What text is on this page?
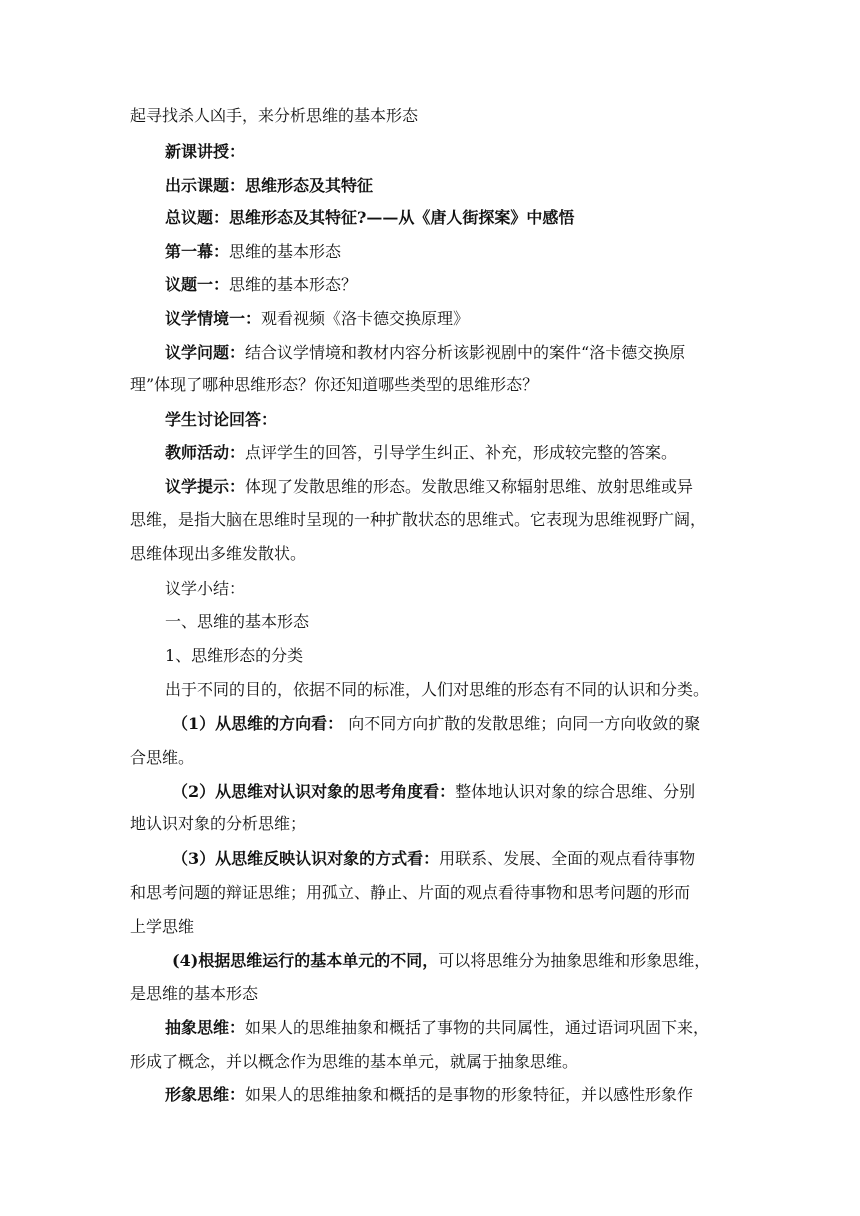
起寻找杀人凶手，来分析思维的基本形态
新课讲授：
出示课题：思维形态及其特征
总议题：思维形态及其特征?——从《唐人街探案》中感悟
第一幕：思维的基本形态
议题一：思维的基本形态？
议学情境一：观看视频《洛卡德交换原理》
议学问题：结合议学情境和教材内容分析该影视剧中的案件“洛卡德交换原
理”体现了哪种思维形态？你还知道哪些类型的思维形态？
学生讨论回答：
教师活动：点评学生的回答，引导学生纠正、补充，形成较完整的答案。
议学提示：体现了发散思维的形态。发散思维又称辐射思维、放射思维或异
思维，是指大脑在思维时呈现的一种扩散状态的思维式。它表现为思维视野广阔，
思维体现出多维发散状。
议学小结：
一、思维的基本形态
1、思维形态的分类
出于不同的目的，依据不同的标准，人们对思维的形态有不同的认识和分类。
（1）从思维的方向看： 向不同方向扩散的发散思维；向同一方向收敛的聚
合思维。
（2）从思维对认识对象的思考角度看：整体地认识对象的综合思维、分别
地认识对象的分析思维；
（3）从思维反映认识对象的方式看：用联系、发展、全面的观点看待事物
和思考问题的辩证思维；用孤立、静止、片面的观点看待事物和思考问题的形而
上学思维
(4)根据思维运行的基本单元的不同，可以将思维分为抽象思维和形象思维，
是思维的基本形态
抽象思维：如果人的思维抽象和概括了事物的共同属性，通过语词巩固下来，
形成了概念，并以概念作为思维的基本单元，就属于抽象思维。
形象思维：如果人的思维抽象和概括的是事物的形象特征，并以感性形象作
